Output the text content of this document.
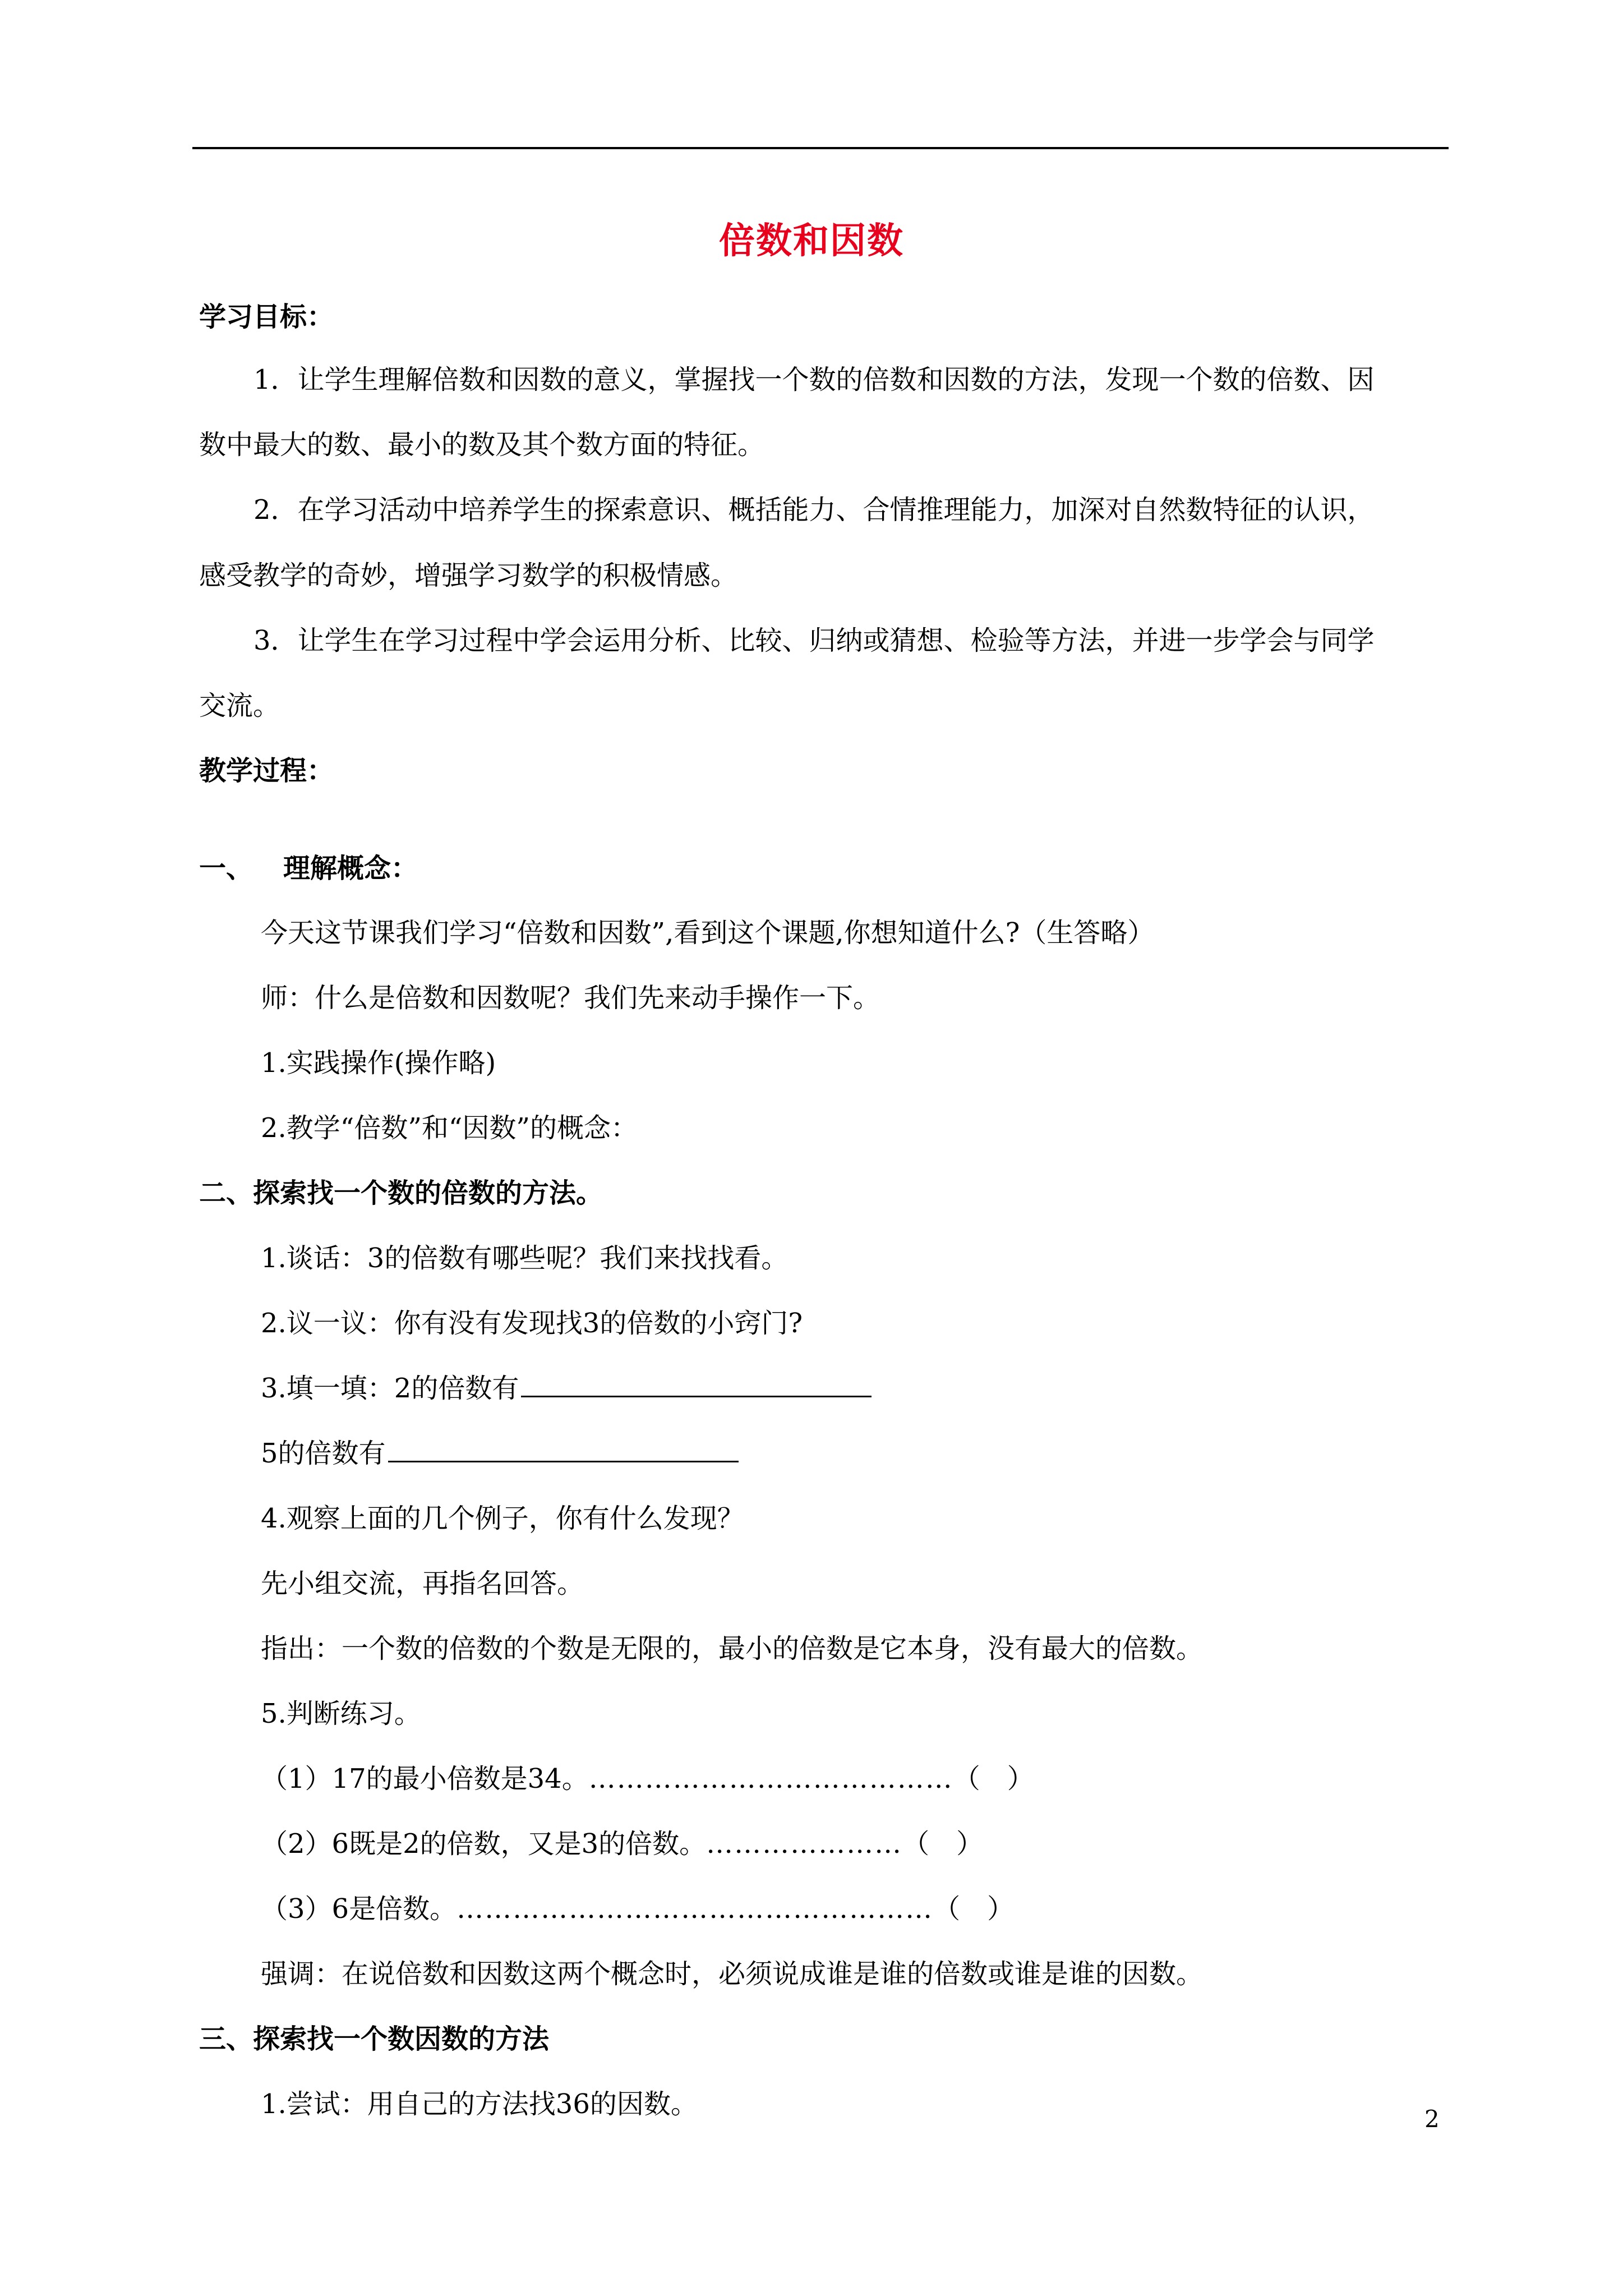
倍数和因数
学习目标：
1．让学生理解倍数和因数的意义，掌握找一个数的倍数和因数的方法，发现一个数的倍数、因
数中最大的数、最小的数及其个数方面的特征。
2．在学习活动中培养学生的探索意识、概括能力、合情推理能力，加深对自然数特征的认识，
感受教学的奇妙，增强学习数学的积极情感。
3．让学生在学习过程中学会运用分析、比较、归纳或猜想、检验等方法，并进一步学会与同学
交流。
教学过程：
一、 理解概念：
今天这节课我们学习“倍数和因数”,看到这个课题,你想知道什么?（生答略）
师：什么是倍数和因数呢？我们先来动手操作一下。
1.实践操作(操作略)
2.教学“倍数”和“因数”的概念：
二、探索找一个数的倍数的方法。
1.谈话：3的倍数有哪些呢？我们来找找看。
2.议一议：你有没有发现找3的倍数的小窍门?
3.填一填：2的倍数有
5的倍数有
4.观察上面的几个例子，你有什么发现？
先小组交流，再指名回答。
指出：一个数的倍数的个数是无限的，最小的倍数是它本身，没有最大的倍数。
5.判断练习。
（1）17的最小倍数是34。…………………………………（　）
（2）6既是2的倍数，又是3的倍数。…………………（　）
（3）6是倍数。……………………………………………（　）
强调：在说倍数和因数这两个概念时，必须说成谁是谁的倍数或谁是谁的因数。
三、探索找一个数因数的方法
1.尝试：用自己的方法找36的因数。	2
